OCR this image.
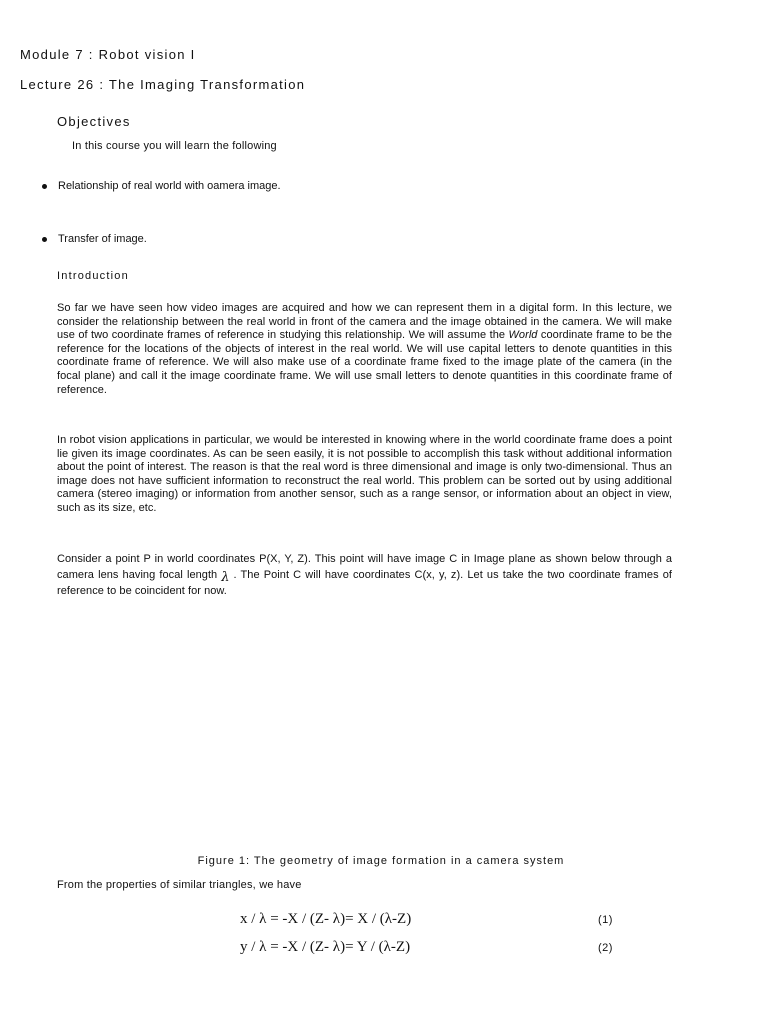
Module 7 : Robot vision I
Lecture 26 : The Imaging Transformation
Objectives
In this course you will learn the following
Relationship of real world with oamera image.
Transfer of image.
Introduction
So far we have seen how video images are acquired and how we can represent them in a digital form. In this lecture, we consider the relationship between the real world in front of the camera and the image obtained in the camera. We will make use of two coordinate frames of reference in studying this relationship. We will assume the World coordinate frame to be the reference for the locations of the objects of interest in the real world. We will use capital letters to denote quantities in this coordinate frame of reference. We will also make use of a coordinate frame fixed to the image plate of the camera (in the focal plane) and call it the image coordinate frame. We will use small letters to denote quantities in this coordinate frame of reference.
In robot vision applications in particular, we would be interested in knowing where in the world coordinate frame does a point lie given its image coordinates. As can be seen easily, it is not possible to accomplish this task without additional information about the point of interest. The reason is that the real word is three dimensional and image is only two-dimensional. Thus an image does not have sufficient information to reconstruct the real world. This problem can be sorted out by using additional camera (stereo imaging) or information from another sensor, such as a range sensor, or information about an object in view, such as its size, etc.
Consider a point P in world coordinates P(X, Y, Z). This point will have image C in Image plane as shown below through a camera lens having focal length λ . The Point C will have coordinates C(x, y, z). Let us take the two coordinate frames of reference to be coincident for now.
Figure 1: The geometry of image formation in a camera system
From the properties of similar triangles, we have
x / λ = -X / (Z- λ)= X / (λ-Z)	(1)
y / λ = -X / (Z- λ)= Y / (λ-Z)	(2)
